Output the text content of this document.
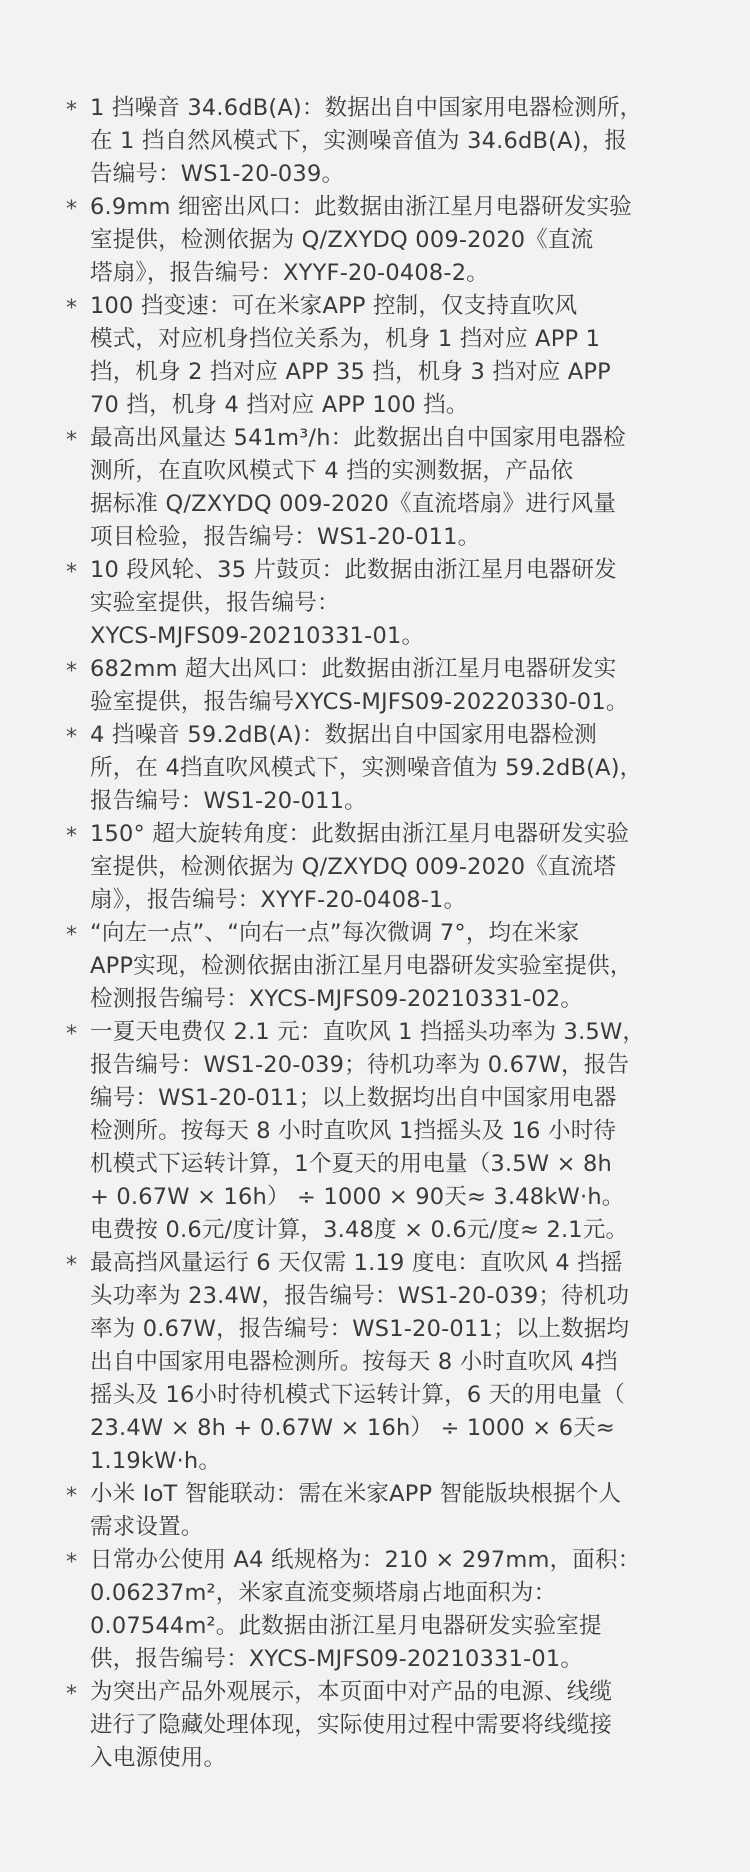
* 1 挡噪音 34.6dB(A)：数据出自中国家用电器检测所，
在 1 挡自然风模式下，实测噪音值为 34.6dB(A)，报
告编号：WS1-20-039。
* 6.9mm 细密出风口：此数据由浙江星月电器研发实验
室提供，检测依据为 Q/ZXYDQ 009-2020《直流
塔扇》，报告编号：XYYF-20-0408-2。
* 100 挡变速：可在米家APP 控制，仅支持直吹风
模式，对应机身挡位关系为，机身 1 挡对应 APP 1
挡，机身 2 挡对应 APP 35 挡，机身 3 挡对应 APP
70 挡，机身 4 挡对应 APP 100 挡。
* 最高出风量达 541m³/h：此数据出自中国家用电器检
测所，在直吹风模式下 4 挡的实测数据，产品依
据标准 Q/ZXYDQ 009-2020《直流塔扇》进行风量
项目检验，报告编号：WS1-20-011。
* 10 段风轮、35 片鼓页：此数据由浙江星月电器研发
实验室提供，报告编号：
XYCS-MJFS09-20210331-01。
* 682mm 超大出风口：此数据由浙江星月电器研发实
验室提供，报告编号XYCS-MJFS09-20220330-01。
* 4 挡噪音 59.2dB(A)：数据出自中国家用电器检测
所，在 4挡直吹风模式下，实测噪音值为 59.2dB(A)，
报告编号：WS1-20-011。
* 150° 超大旋转角度：此数据由浙江星月电器研发实验
室提供，检测依据为 Q/ZXYDQ 009-2020《直流塔
扇》，报告编号：XYYF-20-0408-1。
* “向左一点”、“向右一点”每次微调 7°，均在米家
APP实现，检测依据由浙江星月电器研发实验室提供，
检测报告编号：XYCS-MJFS09-20210331-02。
* 一夏天电费仅 2.1 元：直吹风 1 挡摇头功率为 3.5W，
报告编号：WS1-20-039；待机功率为 0.67W，报告
编号：WS1-20-011；以上数据均出自中国家用电器
检测所。按每天 8 小时直吹风 1挡摇头及 16 小时待
机模式下运转计算，1个夏天的用电量（3.5W × 8h
+ 0.67W × 16h） ÷ 1000 × 90天≈ 3.48kW·h。
电费按 0.6元/度计算，3.48度 × 0.6元/度≈ 2.1元。
* 最高挡风量运行 6 天仅需 1.19 度电：直吹风 4 挡摇
头功率为 23.4W，报告编号：WS1-20-039；待机功
率为 0.67W，报告编号：WS1-20-011；以上数据均
出自中国家用电器检测所。按每天 8 小时直吹风 4挡
摇头及 16小时待机模式下运转计算，6 天的用电量（
23.4W × 8h + 0.67W × 16h） ÷ 1000 × 6天≈
1.19kW·h。
* 小米 IoT 智能联动：需在米家APP 智能版块根据个人
需求设置。
* 日常办公使用 A4 纸规格为：210 × 297mm，面积：
0.06237m²，米家直流变频塔扇占地面积为：
0.07544m²。此数据由浙江星月电器研发实验室提
供，报告编号：XYCS-MJFS09-20210331-01。
* 为突出产品外观展示，本页面中对产品的电源、线缆
进行了隐藏处理体现，实际使用过程中需要将线缆接
入电源使用。
